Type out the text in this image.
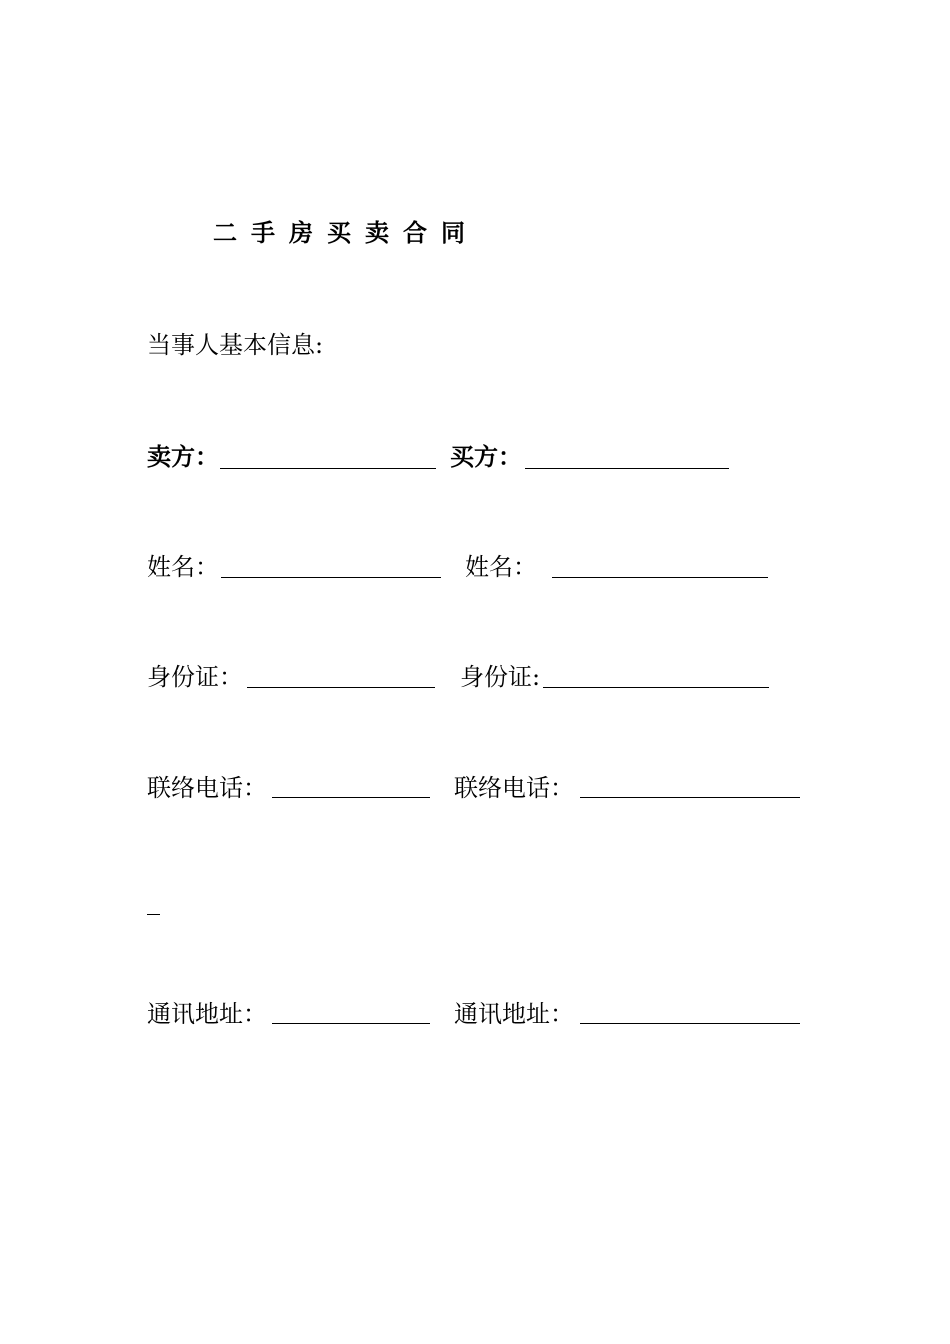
二手房买卖合同
当事人基本信息:
卖方：	买方：
姓名：	姓名：
身份证：	身份证:
联络电话：	联络电话：
通讯地址：	通讯地址：
